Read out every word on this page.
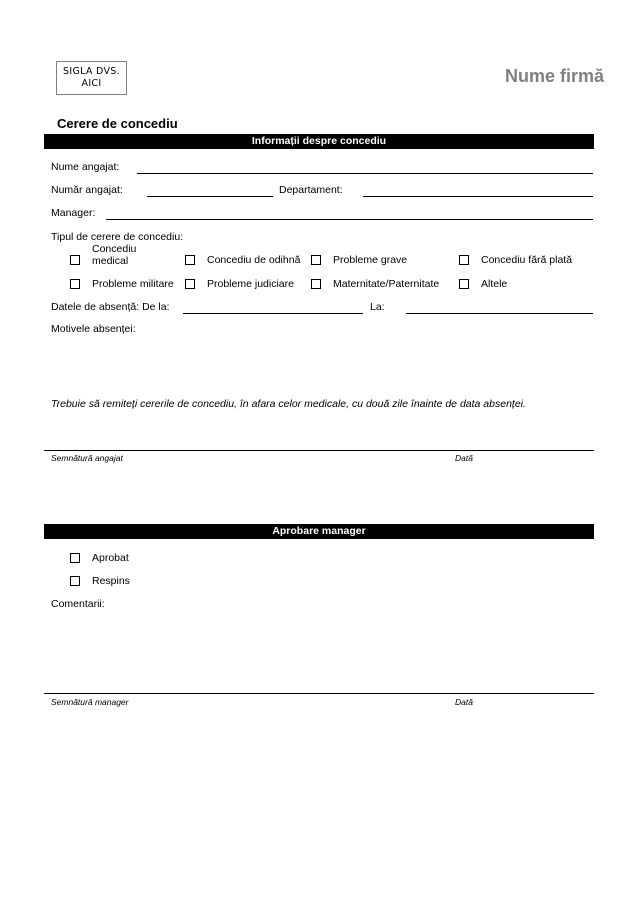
SIGLA DVS.
AICI	Nume firmă
Cerere de concediu
Informații despre concediu
Nume angajat:
Număr angajat:	Departament:
Manager:
Tipul de cerere de concediu:
Concediu
medical	Concediu de odihnă	Probleme grave	Concediu fără plată
Probleme militare	Probleme judiciare	Maternitate/Paternitate	Altele
Datele de absență: De la:	La:
Motivele absenței:
Trebuie să remiteți cererile de concediu, în afara celor medicale, cu două zile înainte de data absenței.
Semnătură angajat	Dată
Aprobare manager
Aprobat
Respins
Comentarii:
Semnătură manager	Dată
